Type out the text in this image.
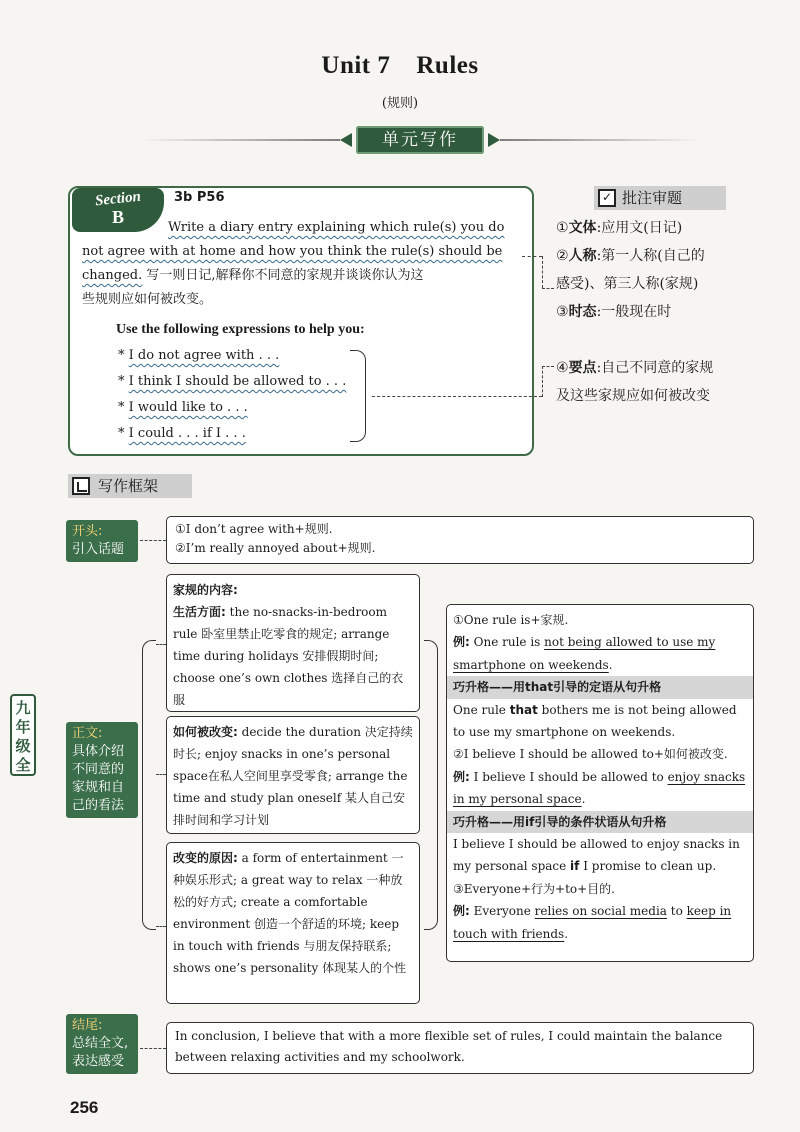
Unit 7 Rules
(规则)
单元写作
Section
B
3b P56
Write a diary entry explaining which rule(s) you do
not agree with at home and how you think the rule(s) should be
changed. 写一则日记,解释你不同意的家规并谈谈你认为这
些规则应如何被改变。
Use the following expressions to help you:
* I do not agree with . . .
* I think I should be allowed to . . .
* I would like to . . .
* I could . . . if I . . .
✓ 批注审题
①文体:应用文(日记)
②人称:第一人称(自己的
感受)、第三人称(家规)
③时态:一般现在时
④要点:自己不同意的家规
及这些家规应如何被改变
写作框架
开头:
引入话题
①I don’t agree with+规则.
②I’m really annoyed about+规则.
九年级全
正文:
具体介绍
不同意的
家规和自
己的看法
家规的内容:
生活方面: the no-snacks-in-bedroom rule 卧室里禁止吃零食的规定; arrange time during holidays 安排假期时间; choose one’s own clothes 选择自己的衣服
如何被改变: decide the duration 决定持续时长; enjoy snacks in one’s personal space在私人空间里享受零食; arrange the time and study plan oneself 某人自己安排时间和学习计划
改变的原因: a form of entertainment 一种娱乐形式; a great way to relax 一种放松的好方式; create a comfortable environment 创造一个舒适的环境; keep in touch with friends 与朋友保持联系; shows one’s personality 体现某人的个性
①One rule is+家规.
例: One rule is not being allowed to use my smartphone on weekends.
巧升格——用that引导的定语从句升格
One rule that bothers me is not being allowed to use my smartphone on weekends.
②I believe I should be allowed to+如何被改变.
例: I believe I should be allowed to enjoy snacks in my personal space.
巧升格——用if引导的条件状语从句升格
I believe I should be allowed to enjoy snacks in my personal space if I promise to clean up.
③Everyone+行为+to+目的.
例: Everyone relies on social media to keep in touch with friends.
结尾:
总结全文,
表达感受
In conclusion, I believe that with a more flexible set of rules, I could maintain the balance between relaxing activities and my schoolwork.
256
